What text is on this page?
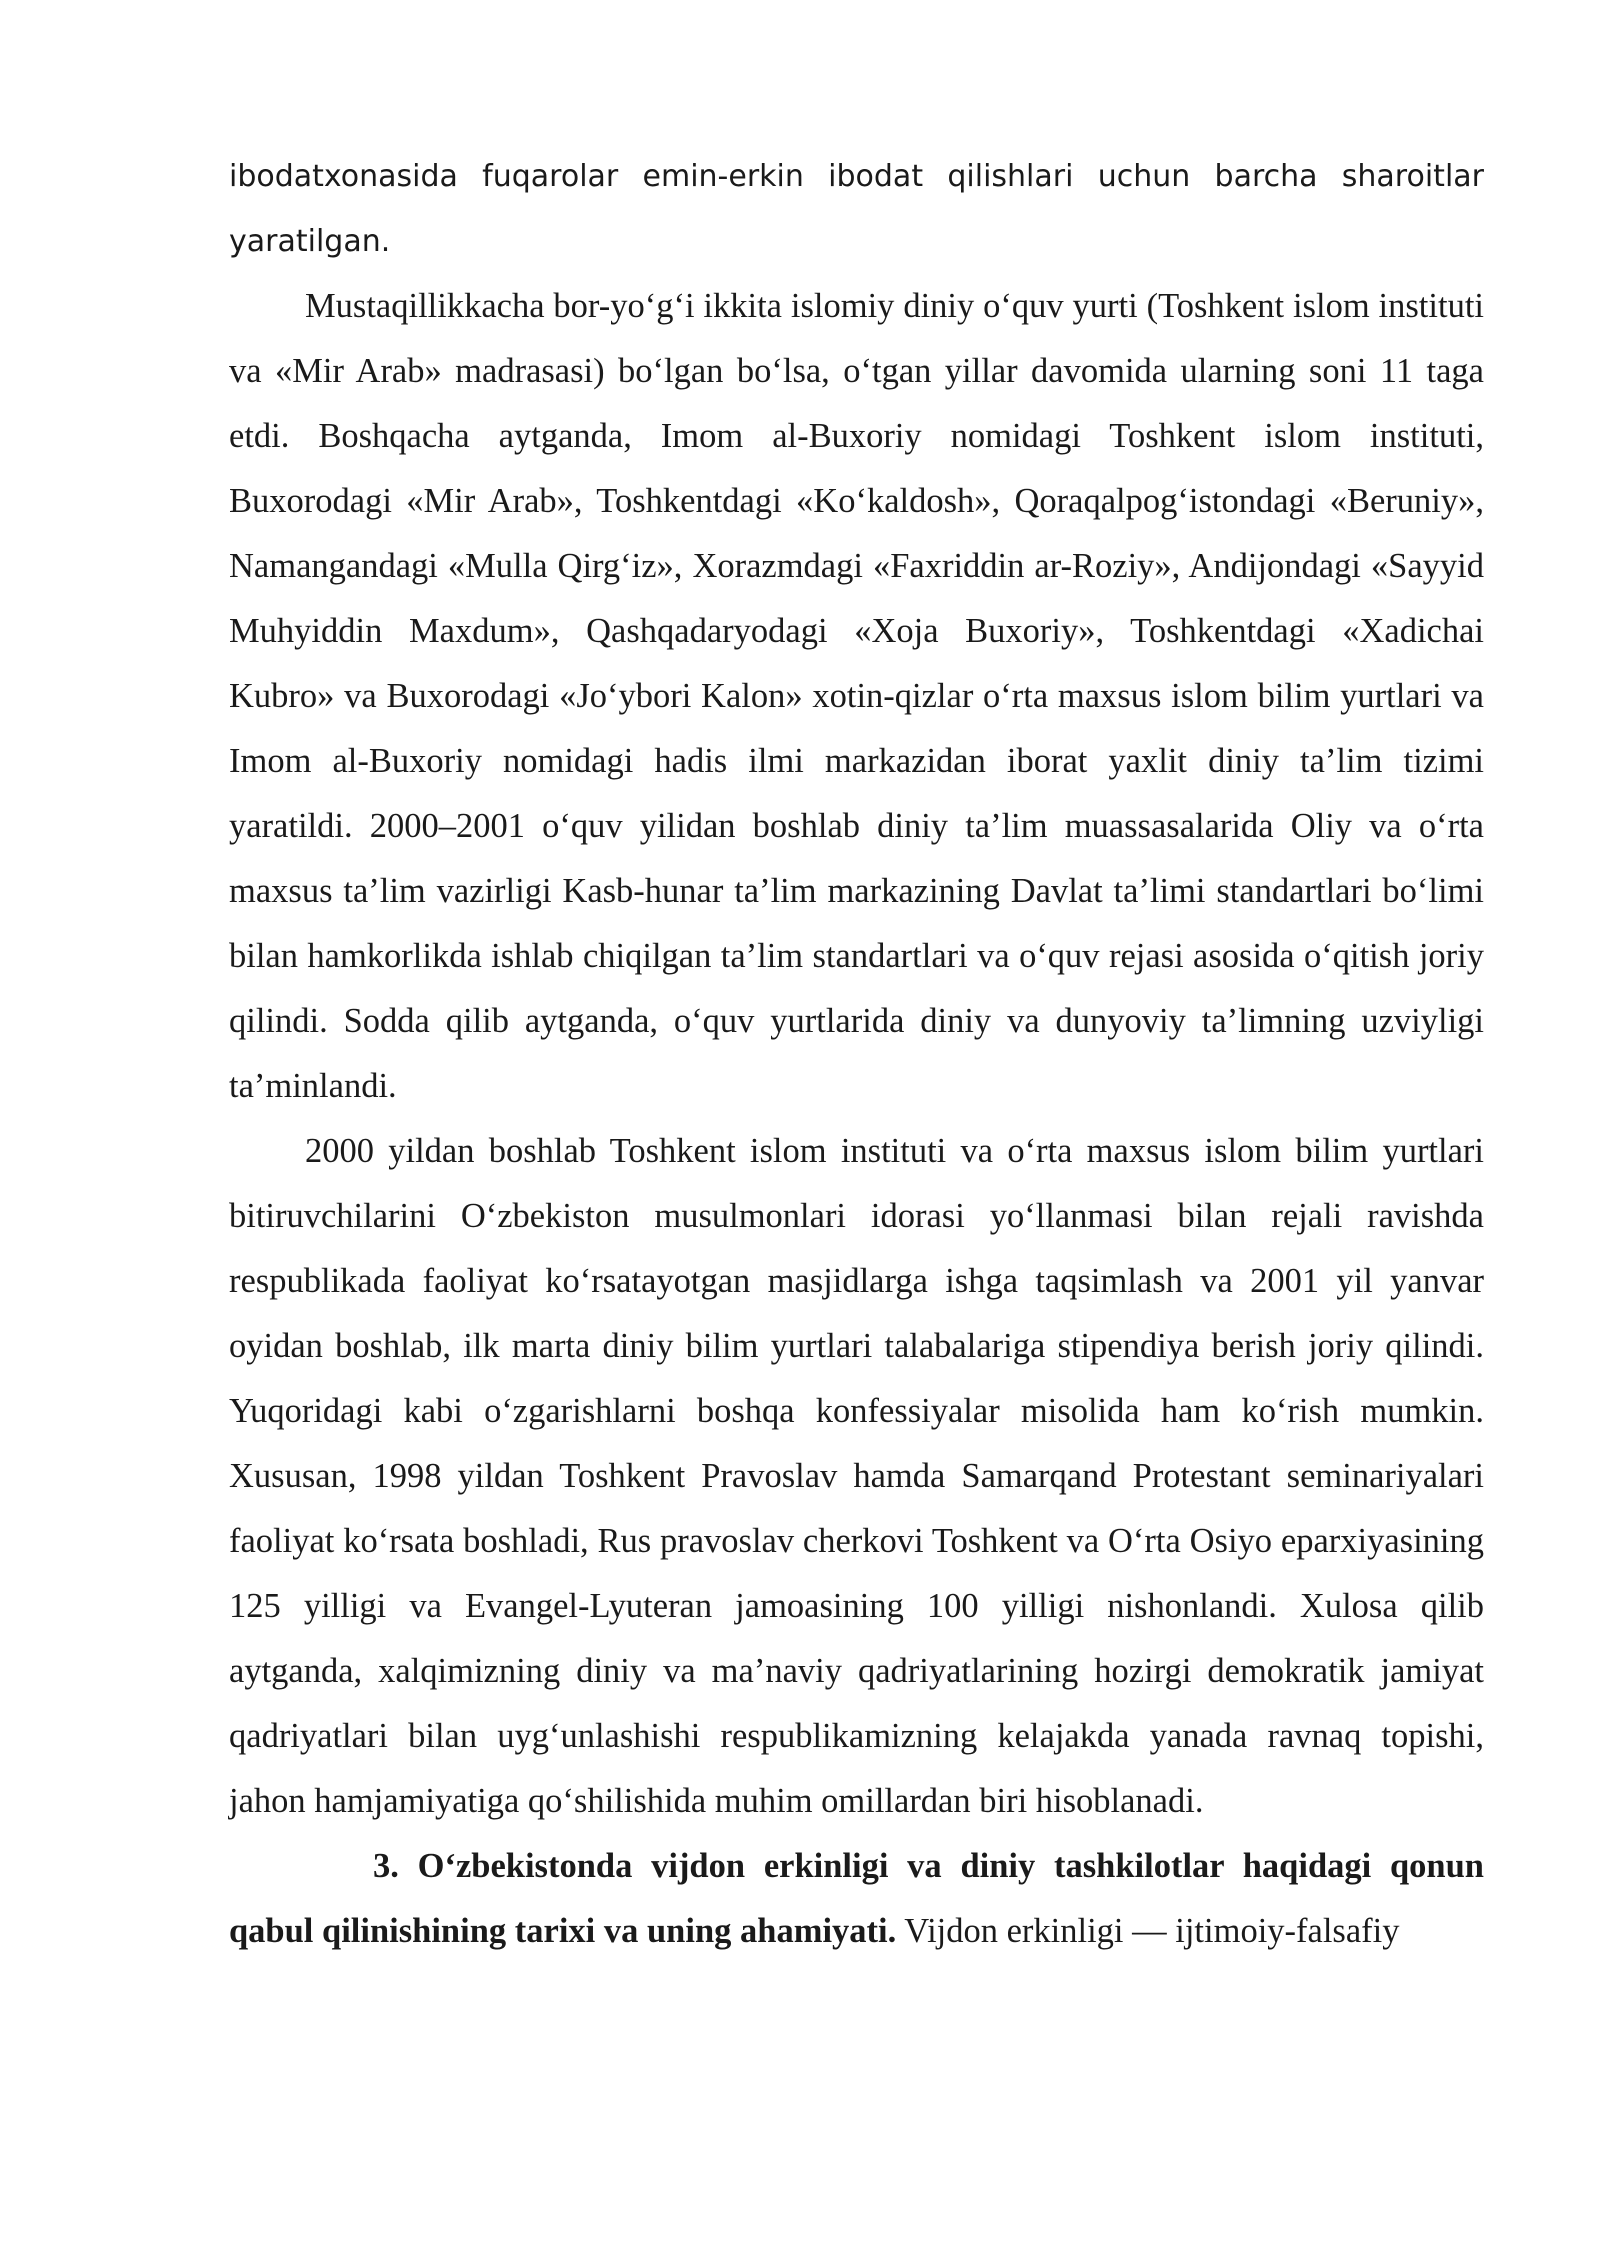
ibodatxonasida fuqarolar emin-erkin ibodat qilishlari uchun barcha sharoitlar yaratilgan.

Mustaqillikkacha bor-yo‘g‘i ikkita islomiy diniy o‘quv yurti (Toshkent islom instituti va «Mir Arab» madrasasi) bo‘lgan bo‘lsa, o‘tgan yillar davomida ularning soni 11 taga etdi. Boshqacha aytganda, Imom al-Buxoriy nomidagi Toshkent islom instituti, Buxorodagi «Mir Arab», Toshkentdagi «Ko‘kaldosh», Qoraqalpog‘istondagi «Beruniy», Namangandagi «Mulla Qirg‘iz», Xorazmdagi «Faxriddin ar-Roziy», Andijondagi «Sayyid Muhyiddin Maxdum», Qashqadaryodagi «Xoja Buxoriy», Toshkentdagi «Xadichai Kubro» va Buxorodagi «Jo‘ybori Kalon» xotin-qizlar o‘rta maxsus islom bilim yurtlari va Imom al-Buxoriy nomidagi hadis ilmi markazidan iborat yaxlit diniy ta’lim tizimi yaratildi. 2000–2001 o‘quv yilidan boshlab diniy ta’lim muassasalarida Oliy va o‘rta maxsus ta’lim vazirligi Kasb-hunar ta’lim markazining Davlat ta’limi standartlari bo‘limi bilan hamkorlikda ishlab chiqilgan ta’lim standartlari va o‘quv rejasi asosida o‘qitish joriy qilindi. Sodda qilib aytganda, o‘quv yurtlarida diniy va dunyoviy ta’limning uzviyligi ta’minlandi.

2000 yildan boshlab Toshkent islom instituti va o‘rta maxsus islom bilim yurtlari bitiruvchilarini O‘zbekiston musulmonlari idorasi yo‘llanmasi bilan rejali ravishda respublikada faoliyat ko‘rsatayotgan masjidlarga ishga taqsimlash va 2001 yil yanvar oyidan boshlab, ilk marta diniy bilim yurtlari talabalariga stipendiya berish joriy qilindi. Yuqoridagi kabi o‘zgarishlarni boshqa konfessiyalar misolida ham ko‘rish mumkin. Xususan, 1998 yildan Toshkent Pravoslav hamda Samarqand Protestant seminariyalari faoliyat ko‘rsata boshladi, Rus pravoslav cherkovi Toshkent va O‘rta Osiyo eparxiyasining 125 yilligi va Evangel-Lyuteran jamoasining 100 yilligi nishonlandi. Xulosa qilib aytganda, xalqimizning diniy va ma’naviy qadriyatlarining hozirgi demokratik jamiyat qadriyatlari bilan uyg‘unlashishi respublikamizning kelajakda yanada ravnaq topishi, jahon hamjamiyatiga qo‘shilishida muhim omillardan biri hisoblanadi.

3. O‘zbekistonda vijdon erkinligi va diniy tashkilotlar haqidagi qonun qabul qilinishining tarixi va uning ahamiyati. Vijdon erkinligi — ijtimoiy-falsafiy
